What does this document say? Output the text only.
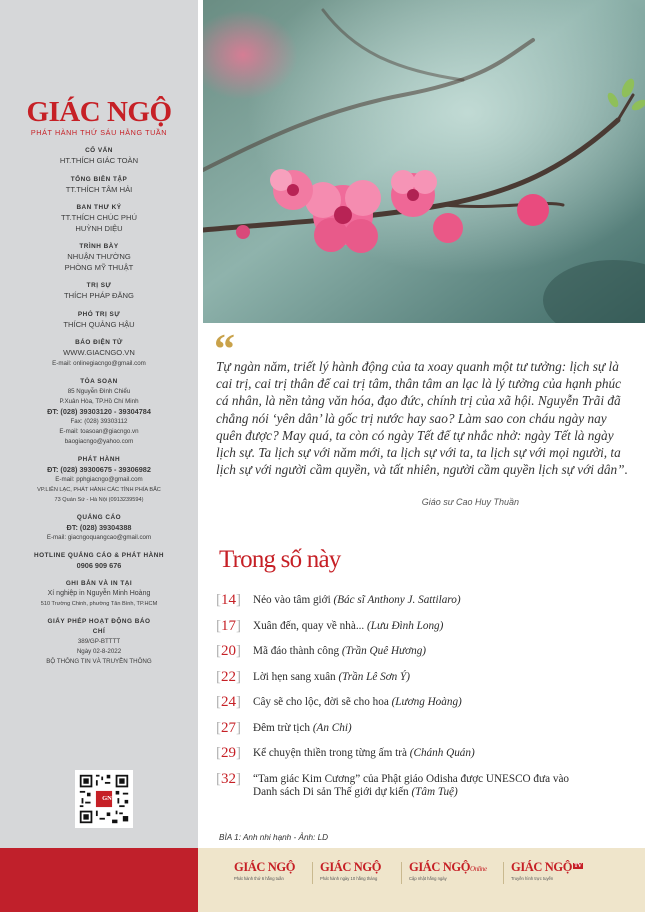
GIÁC NGỘ
PHÁT HÀNH THỨ SÁU HẰNG TUẦN
CỐ VẤN
HT.THÍCH GIÁC TOÀN
TỔNG BIÊN TẬP
TT.THÍCH TÂM HẢI
BAN THƯ KÝ
TT.THÍCH CHÚC PHÚ
HUỲNH DIỆU
TRÌNH BÀY
NHUẬN THƯỜNG
PHÒNG MỸ THUẬT
TRỊ SỰ
THÍCH PHÁP ĐĂNG
PHÓ TRỊ SỰ
THÍCH QUẢNG HẬU
BÁO ĐIỆN TỬ
WWW.GIACNGO.VN
E-mail: onlinegiacngo@gmail.com
TÒA SOẠN
85 Nguyễn Đình Chiểu
P.Xuân Hòa, TP.Hồ Chí Minh
ĐT: (028) 39303120 - 39304784
Fax: (028) 39303112
E-mail: toasoan@giacngo.vn
baogiacngo@yahoo.com
PHÁT HÀNH
ĐT: (028) 39300675 - 39306982
E-mail: pphgiacngo@gmail.com
VP.LIÊN LẠC, PHÁT HÀNH CÁC TỈNH PHÍA BẮC
73 Quán Sứ - Hà Nội (0913239594)
QUẢNG CÁO
ĐT: (028) 39304388
E-mail: giacngoquangcao@gmail.com
HOTLINE QUẢNG CÁO & PHÁT HÀNH
0906 909 676
GHI BẢN VÀ IN TẠI
Xí nghiệp in Nguyễn Minh Hoàng
510 Trường Chinh, phường Tân Bình, TP.HCM
GIẤY PHÉP HOẠT ĐỘNG BÁO CHÍ
389/GP-BTTTT
Ngày 02-8-2022
BỘ THÔNG TIN VÀ TRUYỀN THÔNG
GN
“
Tự ngàn năm, triết lý hành động của ta xoay quanh một tư tưởng: lịch sự là cai trị, cai trị thân để cai trị tâm, thân tâm an lạc là lý tưởng của hạnh phúc cá nhân, là nền tảng văn hóa, đạo đức, chính trị của xã hội. Nguyễn Trãi đã chẳng nói ‘yên dân’ là gốc trị nước hay sao? Làm sao con cháu ngày nay quên được? May quá, ta còn có ngày Tết để tự nhắc nhở: ngày Tết là ngày lịch sự. Ta lịch sự với năm mới, ta lịch sự với ta, ta lịch sự với mọi người, ta lịch sự với người cầm quyền, và tất nhiên, người cầm quyền lịch sự với dân”.
Giáo sư Cao Huy Thuần
Trong số này
[14] Nẻo vào tâm giới (Bác sĩ Anthony J. Sattilaro)
[17] Xuân đến, quay về nhà... (Lưu Đình Long)
[20] Mã đáo thành công (Trần Quê Hương)
[22] Lời hẹn sang xuân (Trần Lê Sơn Ý)
[24] Cây sẽ cho lộc, đời sẽ cho hoa (Lương Hoàng)
[27] Đêm trừ tịch (An Chi)
[29] Kể chuyện thiền trong từng ấm trà (Chánh Quán)
[32] “Tam giác Kim Cương” của Phật giáo Odisha được UNESCO đưa vào Danh sách Di sản Thế giới dự kiến (Tâm Tuệ)
BÌA 1: Anh nhi hạnh - Ảnh: LD
GIÁC NGỘ
Phát hành thứ 6 hằng tuần
GIÁC NGỘ
Phát hành ngày 10 hằng tháng
GIÁC NGỘOnline
Cập nhật hằng ngày
GIÁC NGỘ TV
Truyền hình trực tuyến
